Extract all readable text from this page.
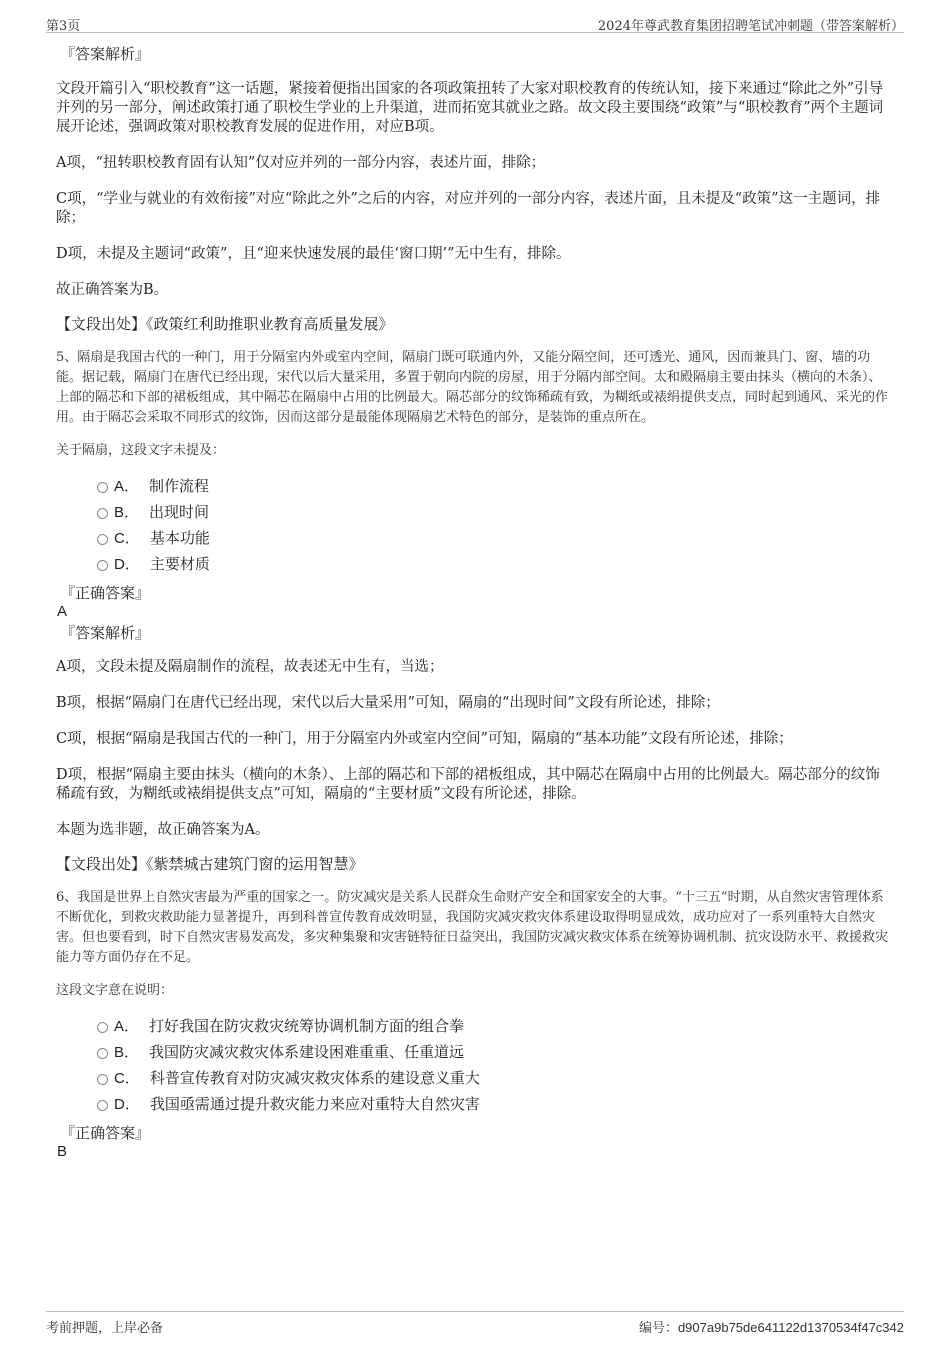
第3页	2024年尊武教育集团招聘笔试冲刺题（带答案解析）
『答案解析』

文段开篇引入“职校教育”这一话题，紧接着便指出国家的各项政策扭转了大家对职校教育的传统认知，接下来通过“除此之外”引导并列的另一部分，阐述政策打通了职校生学业的上升渠道，进而拓宽其就业之路。故文段主要围绕“政策”与“职校教育”两个主题词展开论述，强调政策对职校教育发展的促进作用，对应B项。

A项，“扭转职校教育固有认知”仅对应并列的一部分内容，表述片面，排除；

C项，“学业与就业的有效衔接”对应“除此之外”之后的内容，对应并列的一部分内容，表述片面，且未提及“政策”这一主题词，排除；

D项，未提及主题词“政策”，且“迎来快速发展的最佳‘窗口期’”无中生有，排除。

故正确答案为B。

【文段出处】《政策红利助推职业教育高质量发展》

5、隔扇是我国古代的一种门，用于分隔室内外或室内空间，隔扇门既可联通内外，又能分隔空间，还可透光、通风，因而兼具门、窗、墙的功能。据记载，隔扇门在唐代已经出现，宋代以后大量采用，多置于朝向内院的房屋，用于分隔内部空间。太和殿隔扇主要由抹头（横向的木条）、上部的隔芯和下部的裙板组成，其中隔芯在隔扇中占用的比例最大。隔芯部分的纹饰稀疏有致，为糊纸或裱绢提供支点，同时起到通风、采光的作用。由于隔芯会采取不同形式的纹饰，因而这部分是最能体现隔扇艺术特色的部分，是装饰的重点所在。

关于隔扇，这段文字未提及：

A． 制作流程
B． 出现时间
C． 基本功能
D． 主要材质
『正确答案』
A
『答案解析』

A项，文段未提及隔扇制作的流程，故表述无中生有，当选；

B项，根据“隔扇门在唐代已经出现，宋代以后大量采用”可知，隔扇的“出现时间”文段有所论述，排除；

C项，根据“隔扇是我国古代的一种门，用于分隔室内外或室内空间”可知，隔扇的“基本功能”文段有所论述，排除；

D项，根据“隔扇主要由抹头（横向的木条）、上部的隔芯和下部的裙板组成，其中隔芯在隔扇中占用的比例最大。隔芯部分的纹饰稀疏有致，为糊纸或裱绢提供支点”可知，隔扇的“主要材质”文段有所论述，排除。

本题为选非题，故正确答案为A。

【文段出处】《紫禁城古建筑门窗的运用智慧》

6、我国是世界上自然灾害最为严重的国家之一。防灾减灾是关系人民群众生命财产安全和国家安全的大事。“十三五”时期，从自然灾害管理体系不断优化，到救灾救助能力显著提升，再到科普宣传教育成效明显，我国防灾减灾救灾体系建设取得明显成效，成功应对了一系列重特大自然灾害。但也要看到，时下自然灾害易发高发，多灾种集聚和灾害链特征日益突出，我国防灾减灾救灾体系在统筹协调机制、抗灾设防水平、救援救灾能力等方面仍存在不足。

这段文字意在说明：

A． 打好我国在防灾救灾统筹协调机制方面的组合拳
B． 我国防灾减灾救灾体系建设困难重重、任重道远
C． 科普宣传教育对防灾减灾救灾体系的建设意义重大
D． 我国亟需通过提升救灾能力来应对重特大自然灾害
『正确答案』
B
考前押题，上岸必备	编号：d907a9b75de641122d1370534f47c342
